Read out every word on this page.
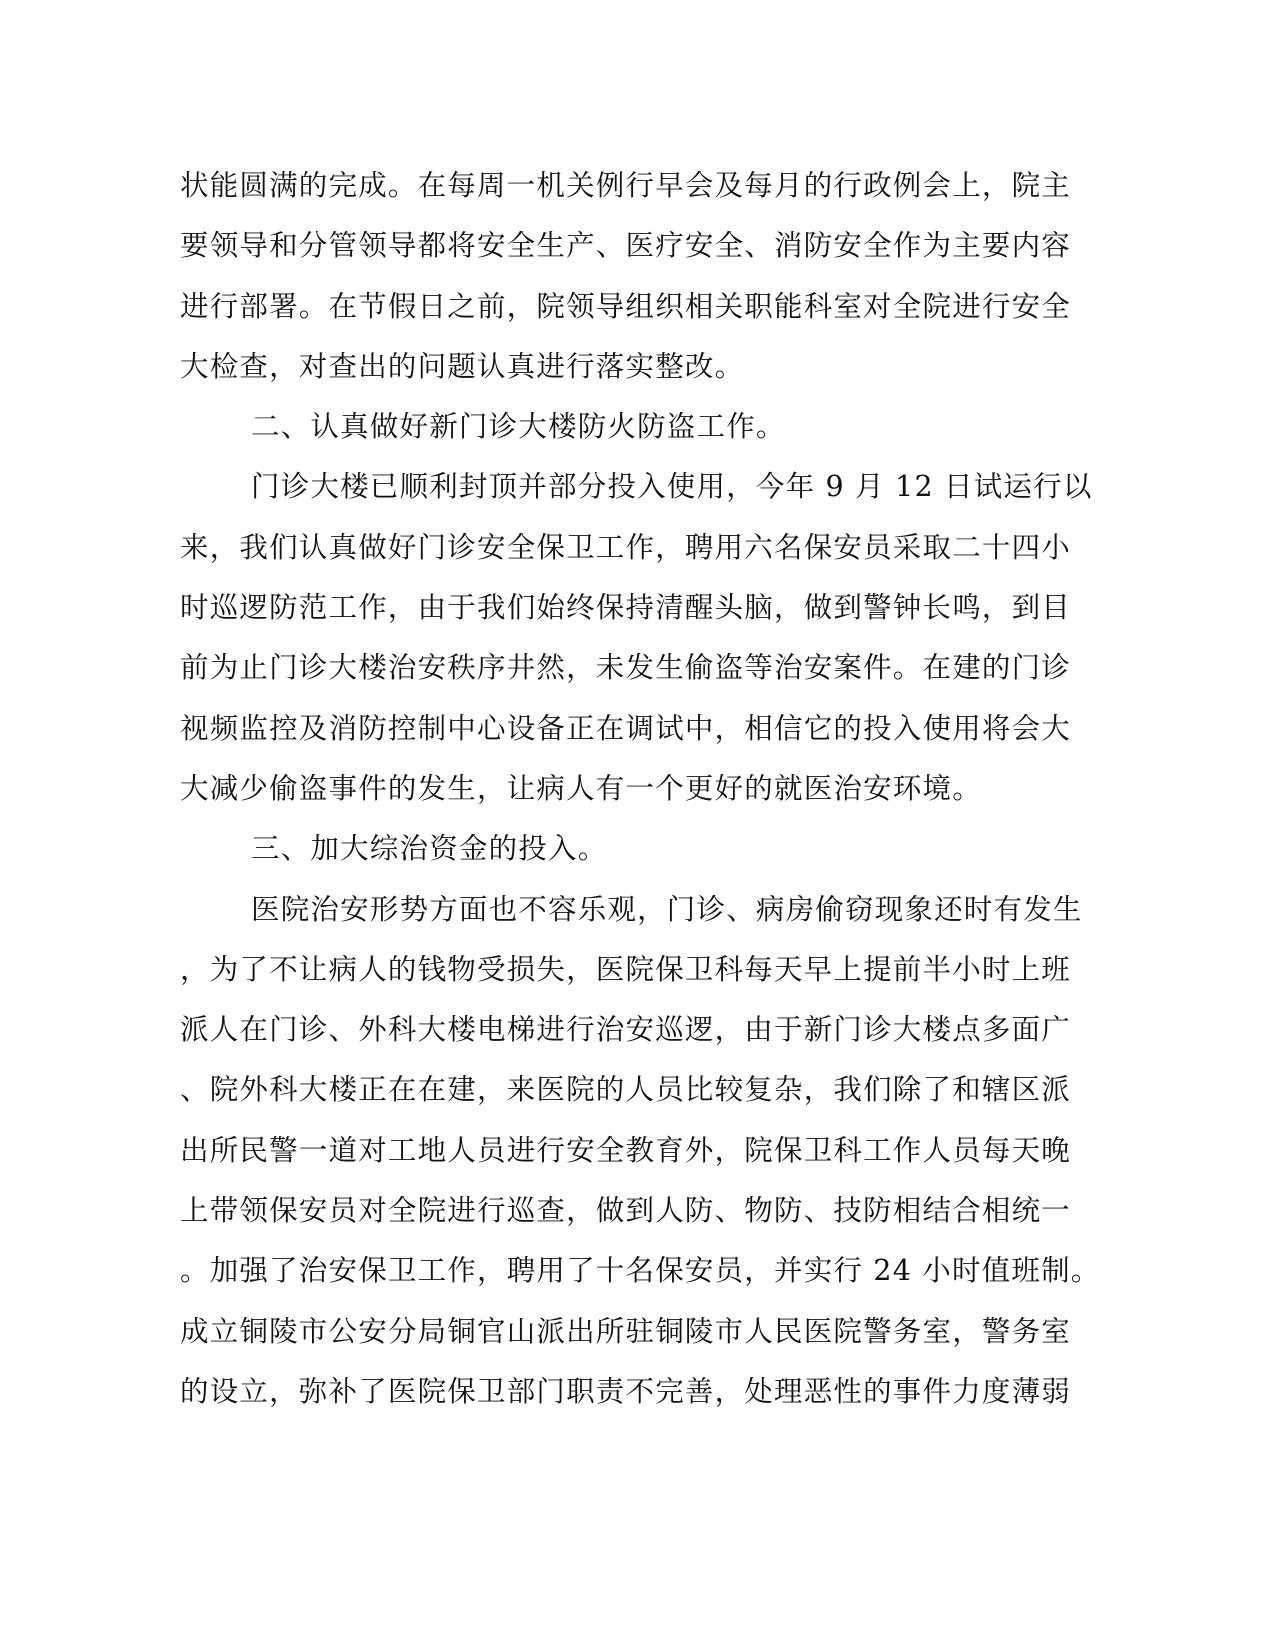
状能圆满的完成。在每周一机关例行早会及每月的行政例会上，院主
要领导和分管领导都将安全生产、医疗安全、消防安全作为主要内容
进行部署。在节假日之前，院领导组织相关职能科室对全院进行安全
大检查，对查出的问题认真进行落实整改。
二、认真做好新门诊大楼防火防盗工作。
门诊大楼已顺利封顶并部分投入使用，今年 9 月 12 日试运行以
来，我们认真做好门诊安全保卫工作，聘用六名保安员采取二十四小
时巡逻防范工作，由于我们始终保持清醒头脑，做到警钟长鸣，到目
前为止门诊大楼治安秩序井然，未发生偷盗等治安案件。在建的门诊
视频监控及消防控制中心设备正在调试中，相信它的投入使用将会大
大减少偷盗事件的发生，让病人有一个更好的就医治安环境。
三、加大综治资金的投入。
医院治安形势方面也不容乐观，门诊、病房偷窃现象还时有发生
，为了不让病人的钱物受损失，医院保卫科每天早上提前半小时上班
派人在门诊、外科大楼电梯进行治安巡逻，由于新门诊大楼点多面广
、院外科大楼正在在建，来医院的人员比较复杂，我们除了和辖区派
出所民警一道对工地人员进行安全教育外，院保卫科工作人员每天晚
上带领保安员对全院进行巡查，做到人防、物防、技防相结合相统一
。加强了治安保卫工作，聘用了十名保安员，并实行 24 小时值班制。
成立铜陵市公安分局铜官山派出所驻铜陵市人民医院警务室，警务室
的设立，弥补了医院保卫部门职责不完善，处理恶性的事件力度薄弱
